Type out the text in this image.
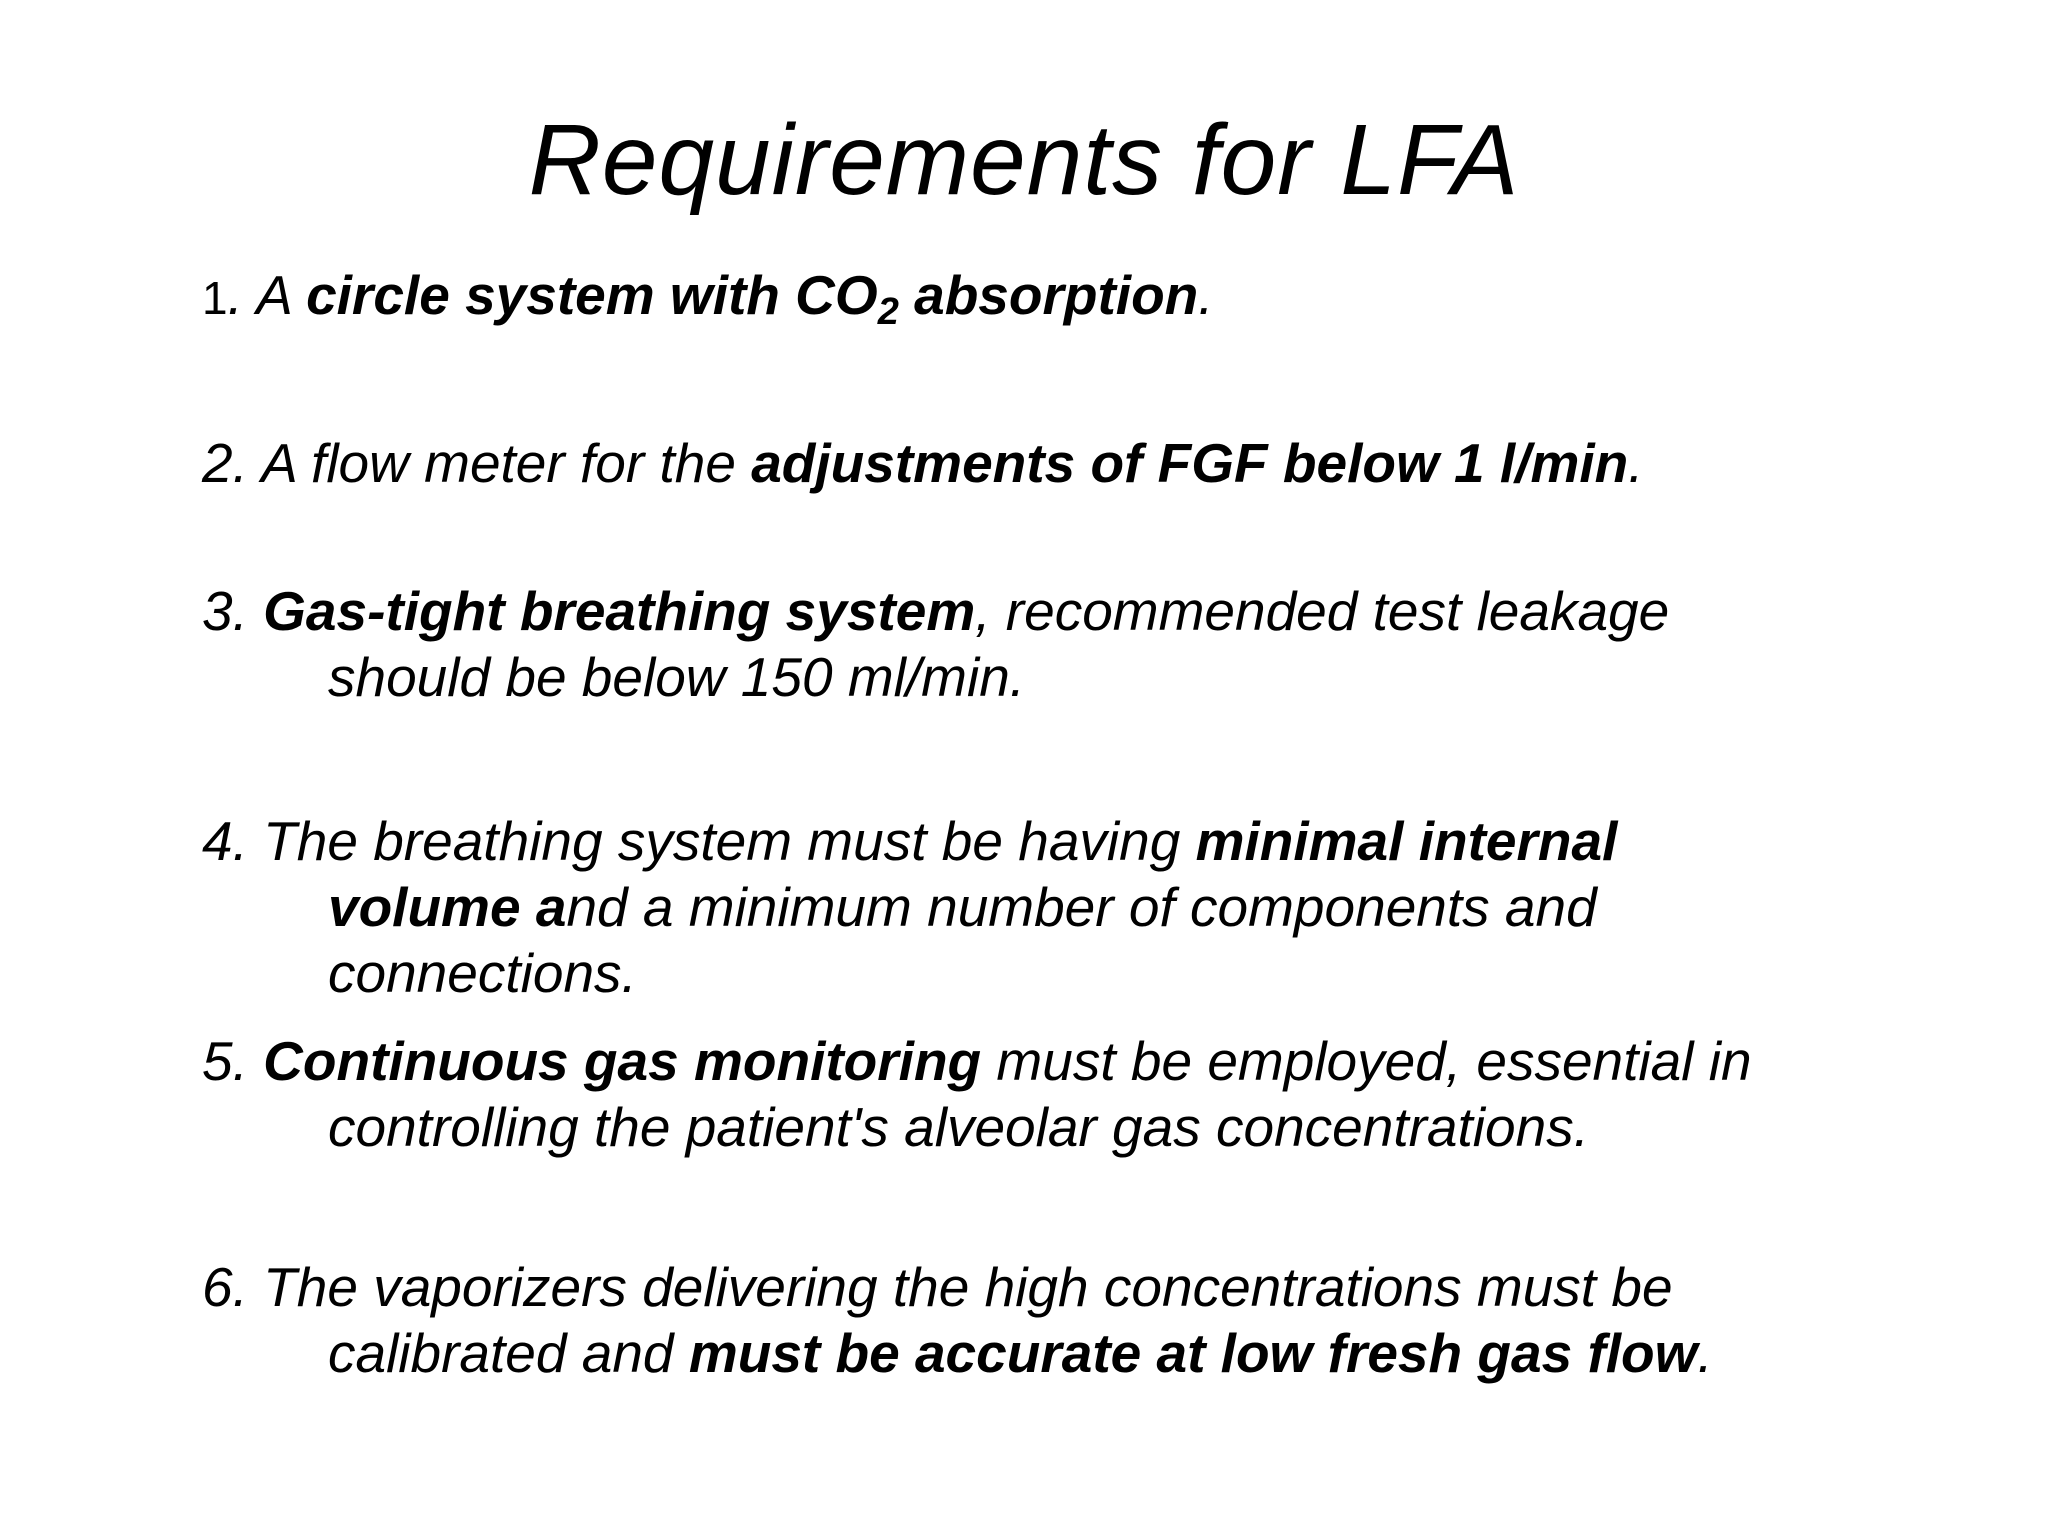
Requirements for LFA
1. A circle system with $CO_2$ absorption.
2. A flow meter for the adjustments of FGF below 1 l/min.
3. Gas-tight breathing system, recommended test leakage
should be below 150 ml/min.
4. The breathing system must be having minimal internal
volume and a minimum number of components and
connections.
5. Continuous gas monitoring must be employed, essential in
controlling the patient's alveolar gas concentrations.
6. The vaporizers delivering the high concentrations must be
calibrated and must be accurate at low fresh gas flow.
